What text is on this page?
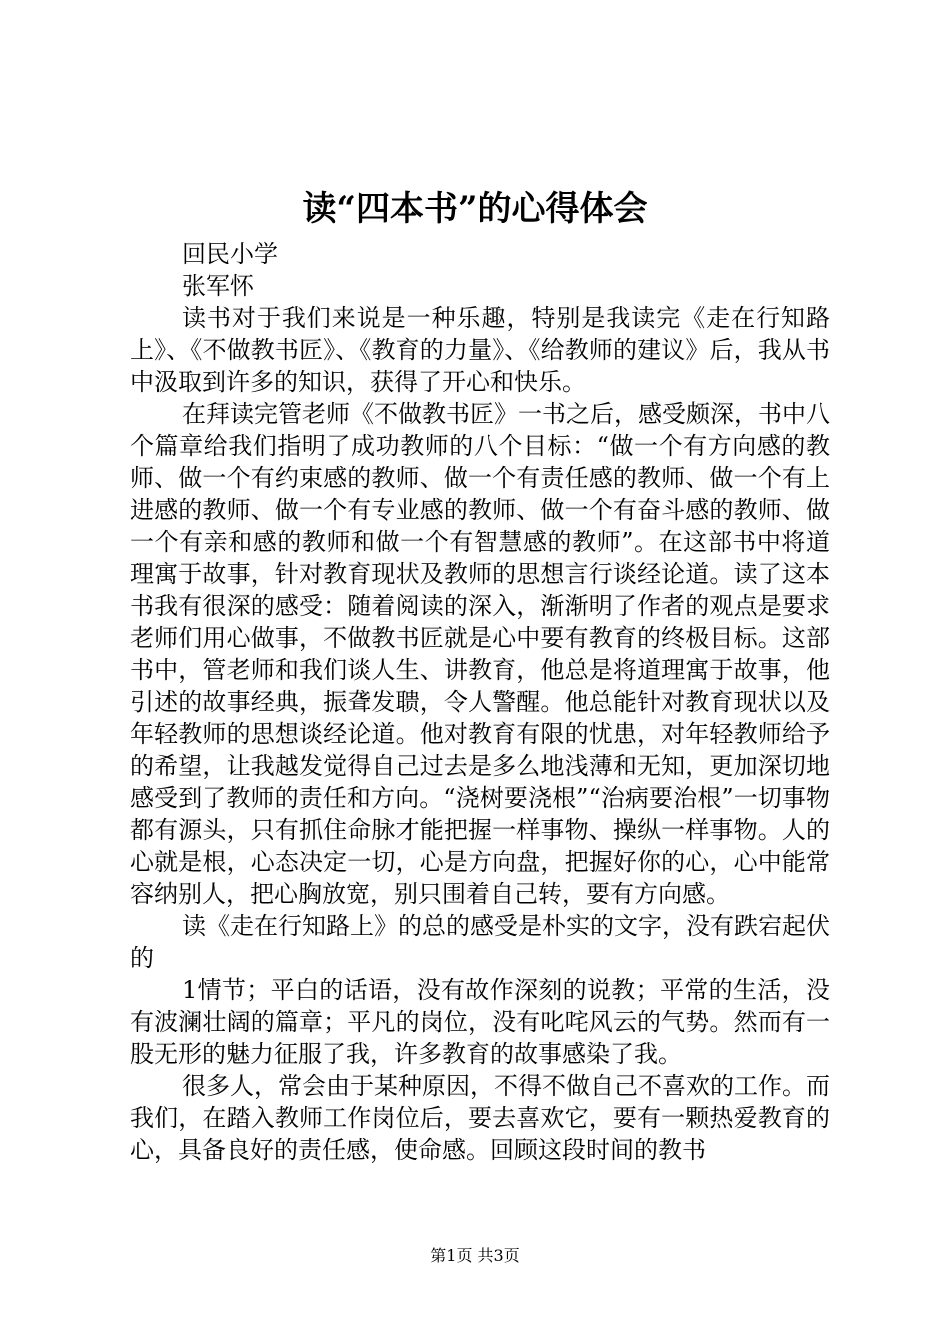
读“四本书”的心得体会

回民小学

张军怀

读书对于我们来说是一种乐趣，特别是我读完《走在行知路上》、《不做教书匠》、《教育的力量》、《给教师的建议》后，我从书中汲取到许多的知识，获得了开心和快乐。

在拜读完管老师《不做教书匠》一书之后，感受颇深，书中八个篇章给我们指明了成功教师的八个目标：“做一个有方向感的教师、做一个有约束感的教师、做一个有责任感的教师、做一个有上进感的教师、做一个有专业感的教师、做一个有奋斗感的教师、做一个有亲和感的教师和做一个有智慧感的教师”。在这部书中将道理寓于故事，针对教育现状及教师的思想言行谈经论道。读了这本书我有很深的感受：随着阅读的深入，渐渐明了作者的观点是要求老师们用心做事，不做教书匠就是心中要有教育的终极目标。这部书中，管老师和我们谈人生、讲教育，他总是将道理寓于故事，他引述的故事经典，振聋发聩，令人警醒。他总能针对教育现状以及年轻教师的思想谈经论道。他对教育有限的忧患，对年轻教师给予的希望，让我越发觉得自己过去是多么地浅薄和无知，更加深切地感受到了教师的责任和方向。“浇树要浇根”“治病要治根”一切事物都有源头，只有抓住命脉才能把握一样事物、操纵一样事物。人的心就是根，心态决定一切，心是方向盘，把握好你的心，心中能常容纳别人，把心胸放宽，别只围着自己转，要有方向感。

读《走在行知路上》的总的感受是朴实的文字，没有跌宕起伏的

1情节；平白的话语，没有故作深刻的说教；平常的生活，没有波澜壮阔的篇章；平凡的岗位，没有叱咤风云的气势。然而有一股无形的魅力征服了我，许多教育的故事感染了我。

很多人，常会由于某种原因，不得不做自己不喜欢的工作。而我们，在踏入教师工作岗位后，要去喜欢它，要有一颗热爱教育的心，具备良好的责任感，使命感。回顾这段时间的教书

第1页 共3页
